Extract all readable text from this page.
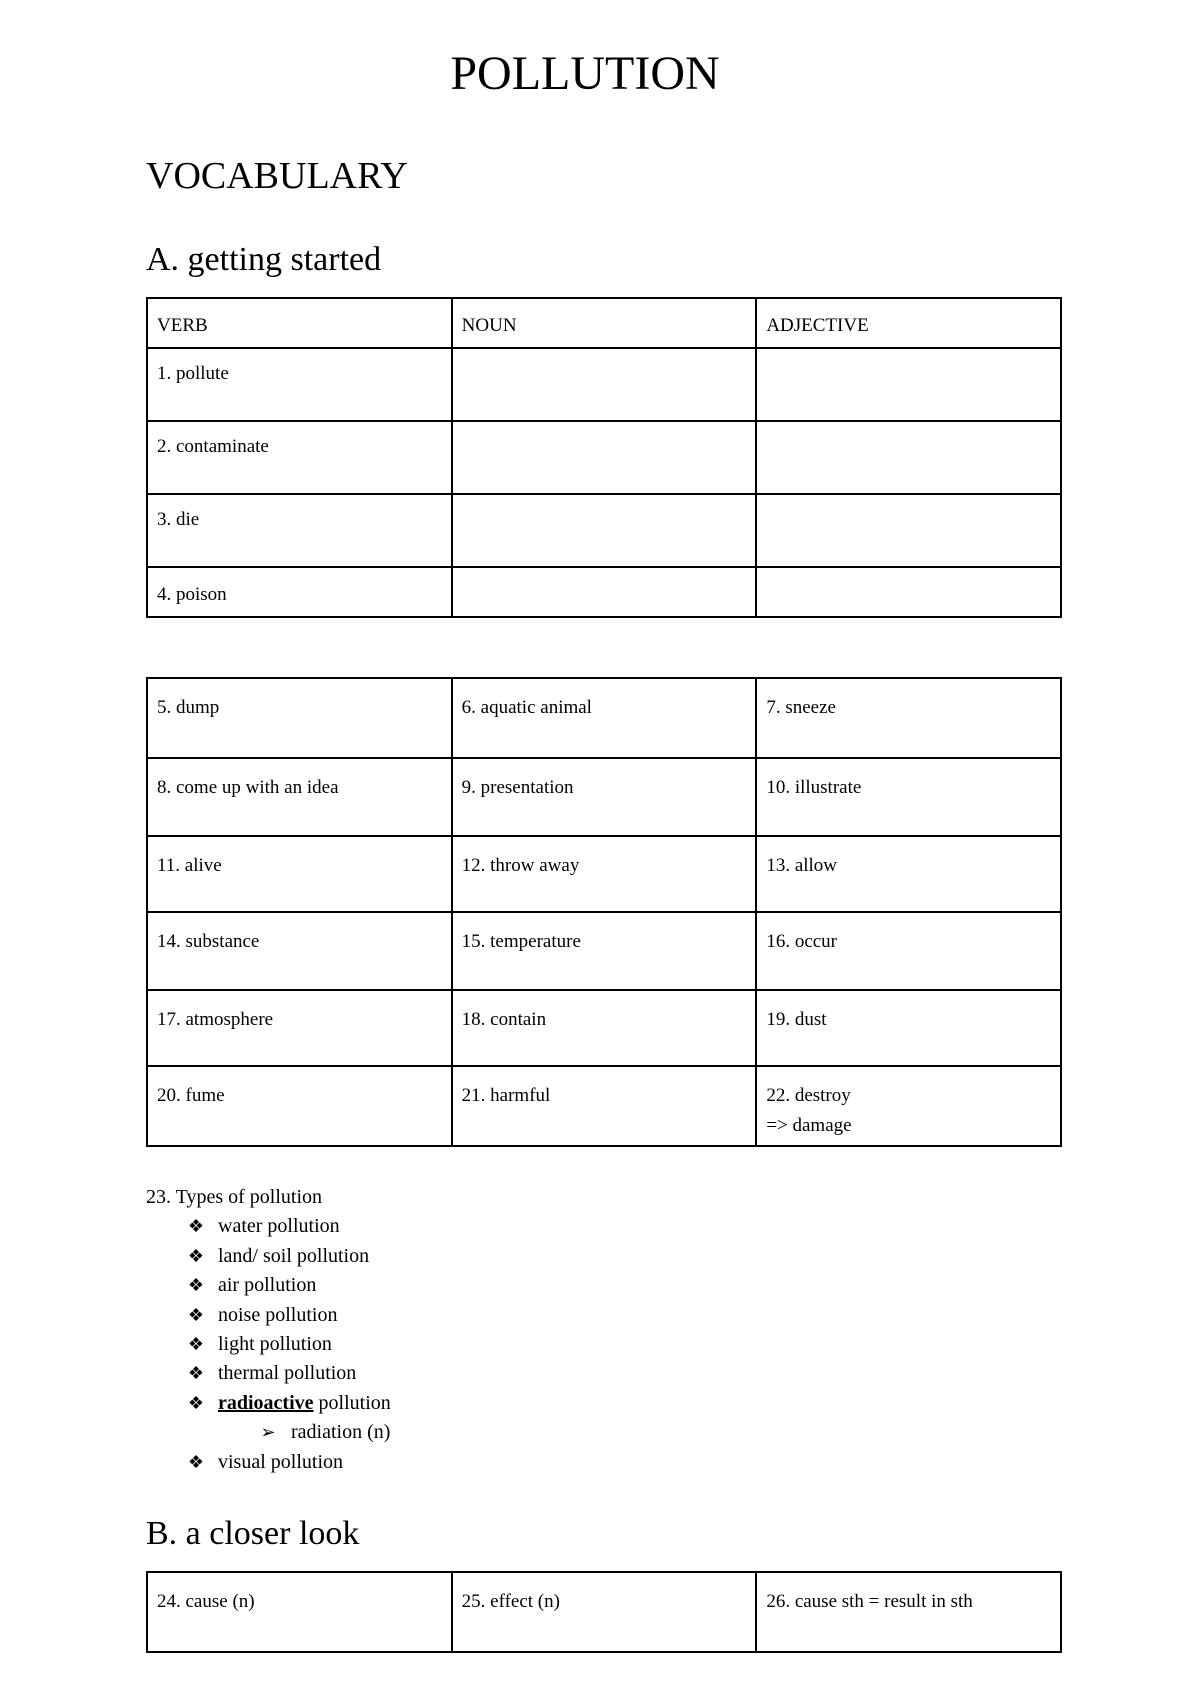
POLLUTION
VOCABULARY
A. getting started
VERB	NOUN	ADJECTIVE

1. pollute		

2. contaminate		

3. die		

4. poison		

5. dump	6. aquatic animal	7. sneeze

8. come up with an idea	9. presentation	10. illustrate

11. alive	12. throw away	13. allow

14. substance	15. temperature	16. occur

17. atmosphere	18. contain	19. dust

20. fume	21. harmful	22. destroy
=> damage
23. Types of pollution
❖ water pollution
❖ land/ soil pollution
❖ air pollution
❖ noise pollution
❖ light pollution
❖ thermal pollution
❖ radioactive pollution
➢ radiation (n)
❖ visual pollution
B. a closer look
24. cause (n)	25. effect (n)	26. cause sth = result in sth
